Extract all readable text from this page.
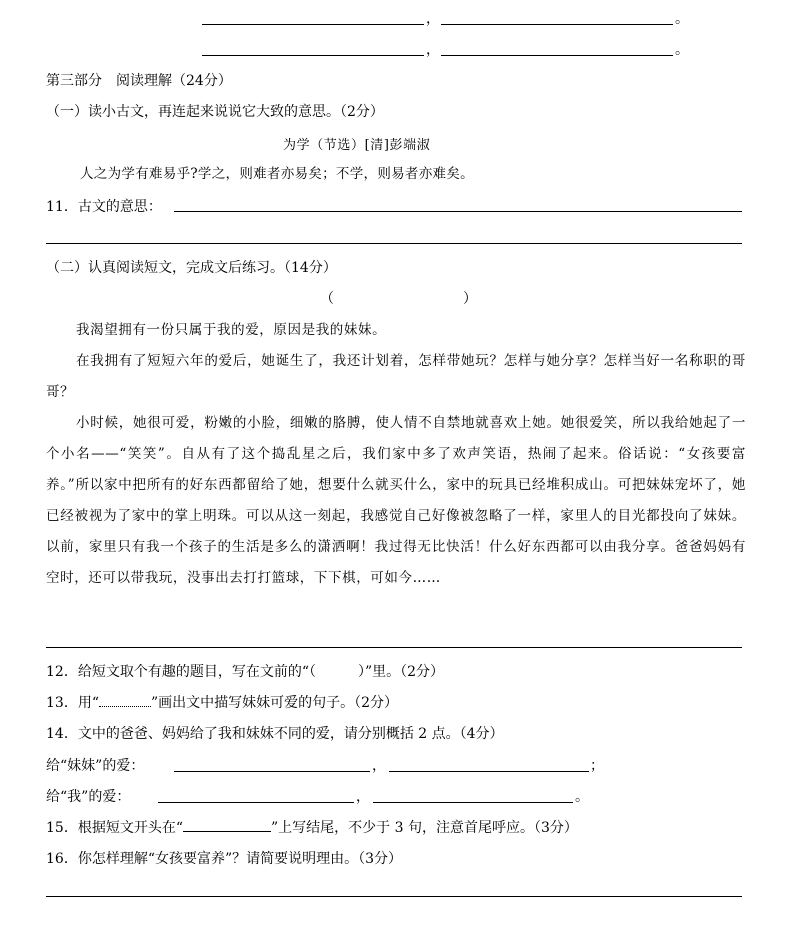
，	。
，	。
第三部分　阅读理解（24分）
（一）读小古文，再连起来说说它大致的意思。（2分）
为学（节选）[清]彭端淑
人之为学有难易乎?学之，则难者亦易矣；不学，则易者亦难矣。
11．古文的意思：
（二）认真阅读短文，完成文后练习。（14分）
（	）
我渴望拥有一份只属于我的爱，原因是我的妹妹。
在我拥有了短短六年的爱后，她诞生了，我还计划着，怎样带她玩？怎样与她分享？怎样当好一名称职的哥哥？
小时候，她很可爱，粉嫩的小脸，细嫩的胳膊，使人情不自禁地就喜欢上她。她很爱笑，所以我给她起了一个小名——“笑笑”。自从有了这个捣乱星之后，我们家中多了欢声笑语，热闹了起来。俗话说：“女孩要富养。”所以家中把所有的好东西都留给了她，想要什么就买什么，家中的玩具已经堆积成山。可把妹妹宠坏了，她已经被视为了家中的掌上明珠。可以从这一刻起，我感觉自己好像被忽略了一样，家里人的目光都投向了妹妹。以前，家里只有我一个孩子的生活是多么的潇洒啊！我过得无比快活！什么好东西都可以由我分享。爸爸妈妈有空时，还可以带我玩，没事出去打打篮球，下下棋，可如今……
12．给短文取个有趣的题目，写在文前的“（　　　）”里。（2分）
13．用“	”画出文中描写妹妹可爱的句子。（2分）
14．文中的爸爸、妈妈给了我和妹妹不同的爱，请分别概括 2 点。（4分）
给“妹妹”的爱：	，	；
给“我”的爱：	，	。
15．根据短文开头在“	”上写结尾，不少于 3 句，注意首尾呼应。（3分）
16．你怎样理解“女孩要富养”？请简要说明理由。（3分）
